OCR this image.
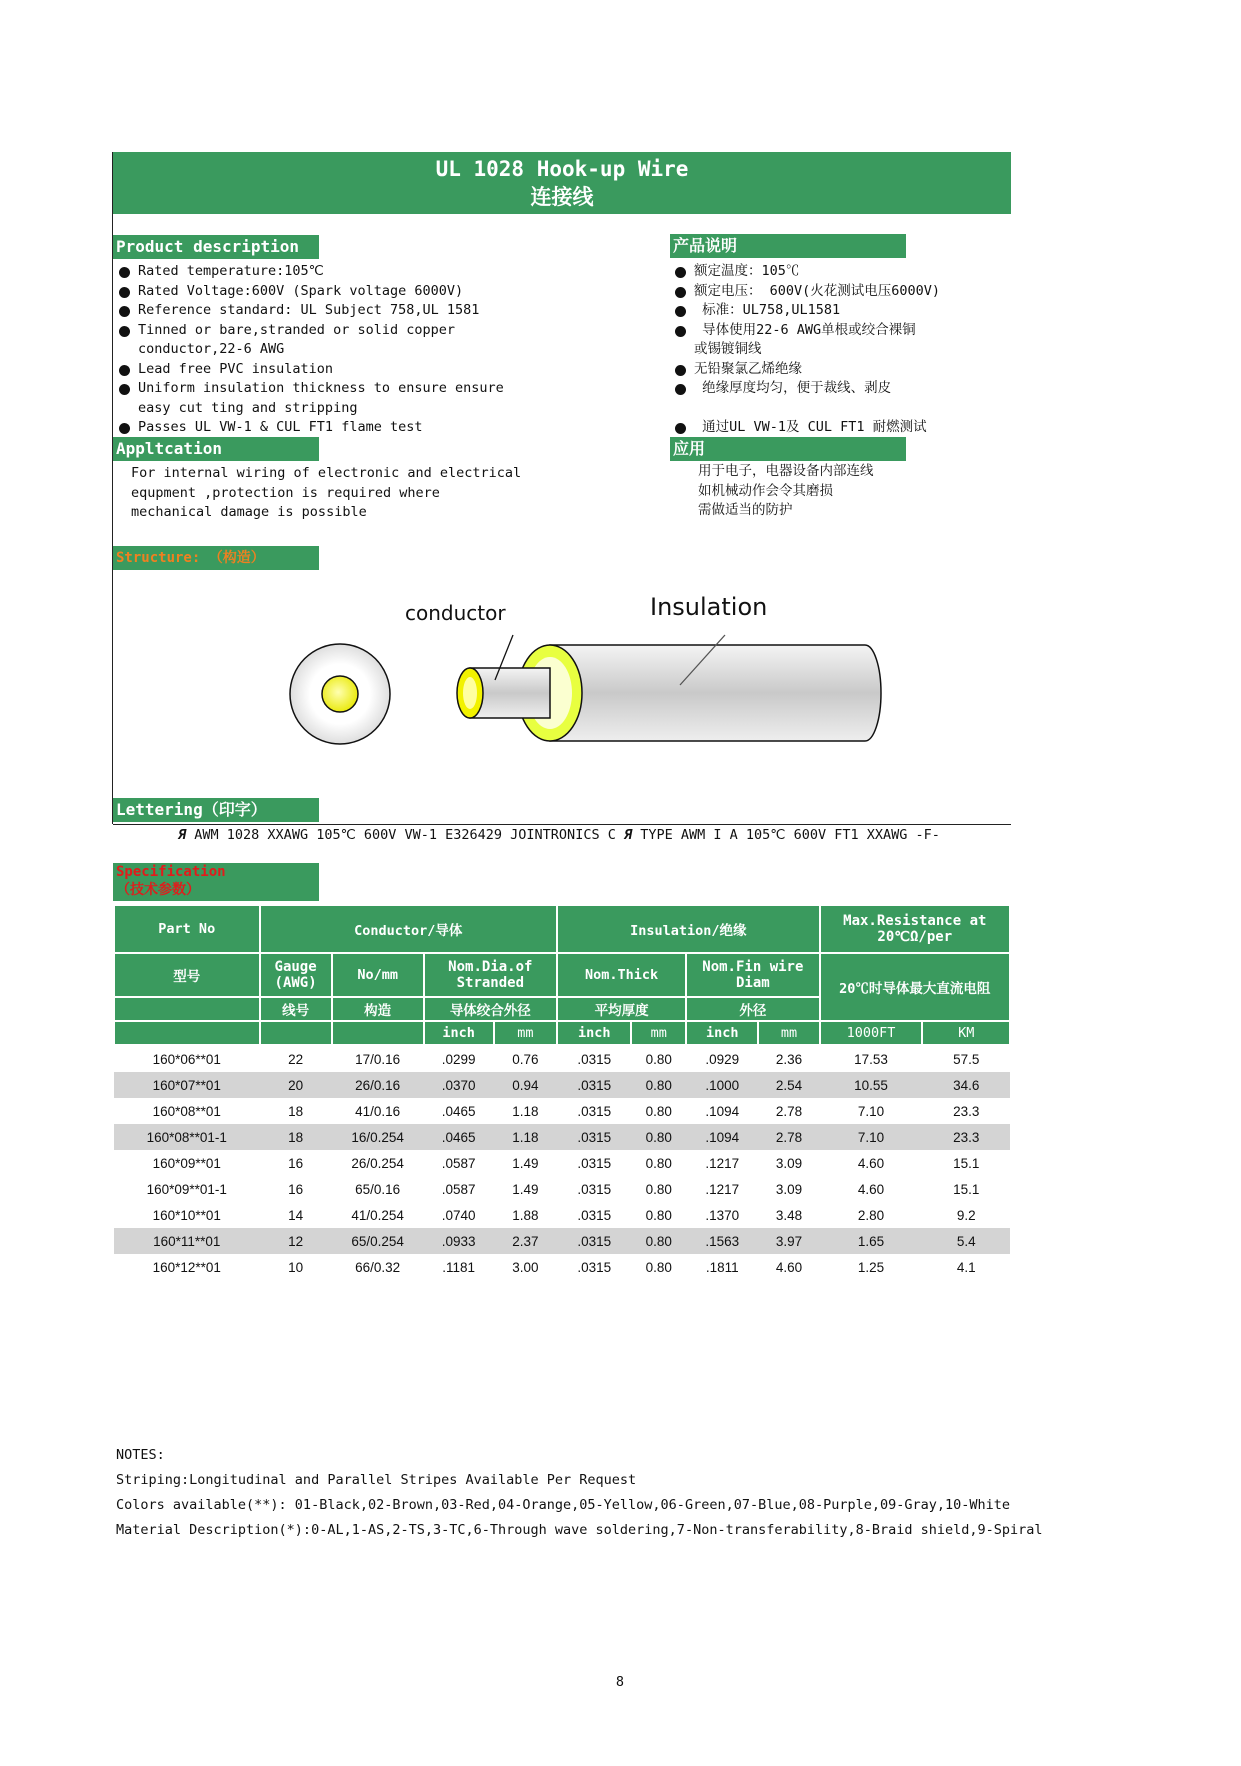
UL 1028 Hook-up Wire
连接线
Product description
Rated temperature:105℃
Rated Voltage:600V (Spark voltage 6000V)
Reference standard: UL Subject 758,UL 1581
Tinned or bare,stranded or solid copper
conductor,22-6 AWG
Lead free PVC insulation
Uniform insulation thickness to ensure ensure
easy cut ting and stripping
Passes UL VW-1 & CUL FT1 flame test
产品说明
额定温度：105℃
额定电压： 600V(火花测试电压6000V)
标准：UL758,UL1581
导体使用22-6 AWG单根或绞合裸铜
或锡镀铜线
无铅聚氯乙烯绝缘
绝缘厚度均匀，便于裁线、剥皮
通过UL VW-1及 CUL FT1 耐燃测试
Appltcation
For internal wiring of electronic and electrical
equpment ,protection is required where
mechanical damage is possible
应用
用于电子，电器设备内部连线
如机械动作会令其磨损
需做适当的防护
Structure: （构造）
conductor	Insulation
Lettering（印字）
Я AWM 1028 XXAWG 105℃ 600V VW-1 E326429 JOINTRONICS C Я TYPE AWM I A 105℃ 600V FT1 XXAWG -F-
Specification
（技术参数）
Part No	Conductor/导体				Insulation/绝缘				Max.Resistance at 20℃Ω/per	
型号	Gauge (AWG)	No/mm	Nom.Dia.of Stranded		Nom.Thick		Nom.Fin wire Diam		20℃时导体最大直流电阻	
	线号	构造	导体绞合外径		平均厚度		外径			
			inch	mm	inch	mm	inch	mm	1000FT	KM
160*06**01	22	17/0.16	.0299	0.76	.0315	0.80	.0929	2.36	17.53	57.5
160*07**01	20	26/0.16	.0370	0.94	.0315	0.80	.1000	2.54	10.55	34.6
160*08**01	18	41/0.16	.0465	1.18	.0315	0.80	.1094	2.78	7.10	23.3
160*08**01-1	18	16/0.254	.0465	1.18	.0315	0.80	.1094	2.78	7.10	23.3
160*09**01	16	26/0.254	.0587	1.49	.0315	0.80	.1217	3.09	4.60	15.1
160*09**01-1	16	65/0.16	.0587	1.49	.0315	0.80	.1217	3.09	4.60	15.1
160*10**01	14	41/0.254	.0740	1.88	.0315	0.80	.1370	3.48	2.80	9.2
160*11**01	12	65/0.254	.0933	2.37	.0315	0.80	.1563	3.97	1.65	5.4
160*12**01	10	66/0.32	.1181	3.00	.0315	0.80	.1811	4.60	1.25	4.1
NOTES:
Striping:Longitudinal and Parallel Stripes Available Per Request
Colors available(**): 01-Black,02-Brown,03-Red,04-Orange,05-Yellow,06-Green,07-Blue,08-Purple,09-Gray,10-White
Material Description(*):0-AL,1-AS,2-TS,3-TC,6-Through wave soldering,7-Non-transferability,8-Braid shield,9-Spiral
8
